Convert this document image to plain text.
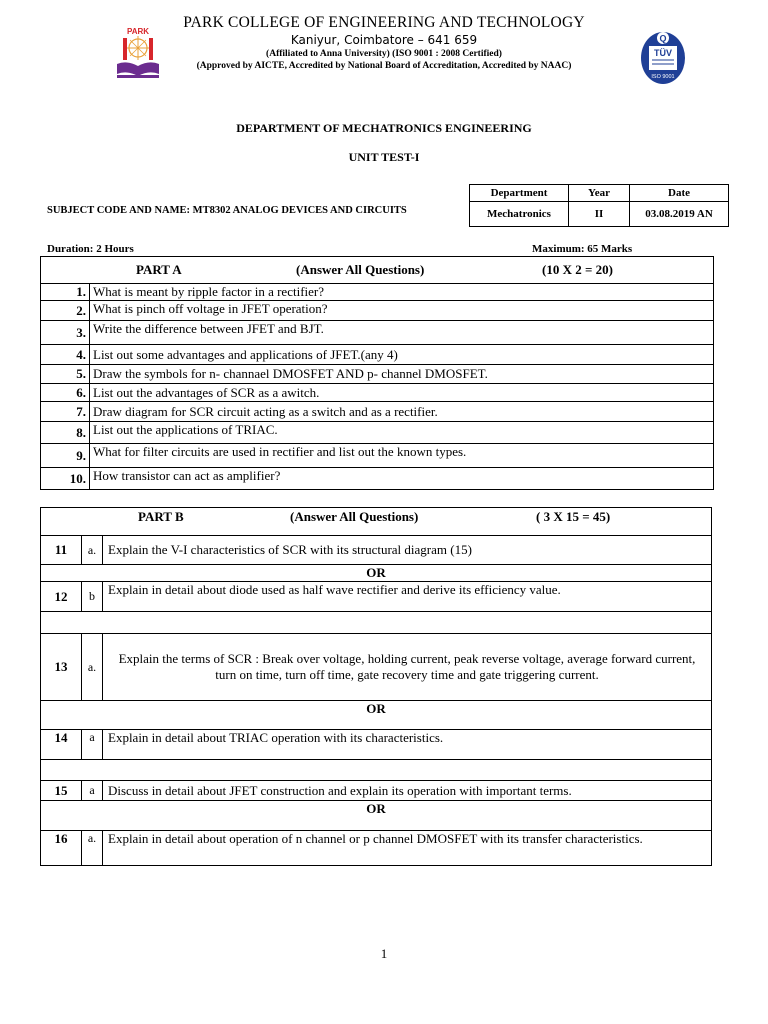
PARK
Q
TÜV
ISO 9001
PARK COLLEGE OF ENGINEERING AND TECHNOLOGY
Kaniyur, Coimbatore – 641 659
(Affiliated to Anna University) (ISO 9001 : 2008 Certified)
(Approved by AICTE, Accredited by National Board of Accreditation, Accredited by NAAC)
DEPARTMENT OF MECHATRONICS ENGINEERING
UNIT TEST-I
SUBJECT CODE AND NAME: MT8302 ANALOG DEVICES AND CIRCUITS
Department	Year	Date
Mechatronics	II	03.08.2019 AN
Duration: 2 Hours	Maximum: 65 Marks
PART A (Answer All Questions) (10 X 2 = 20)	
1.	What is meant by ripple factor in a rectifier?
2.	What is pinch off voltage in JFET operation?
3.	Write the difference between JFET and BJT.
4.	List out some advantages and applications of JFET.(any 4)
5.	Draw the symbols for n- channael DMOSFET AND p- channel DMOSFET.
6.	List out the advantages of SCR as a awitch.
7.	Draw diagram for SCR circuit acting as a switch and as a rectifier.
8.	List out the applications of TRIAC.
9.	What for filter circuits are used in rectifier and list out the known types.
10.	How transistor can act as amplifier?
PART B (Answer All Questions) ( 3 X 15 = 45)		
11	a.	Explain the V-I characteristics of SCR with its structural diagram (15)
OR		
12	b	Explain in detail about diode used as half wave rectifier and derive its efficiency value.

13	a.	Explain the terms of SCR : Break over voltage, holding current, peak reverse voltage, average forward current, turn on time, turn off time, gate recovery time and gate triggering current.
OR		
14	a	Explain in detail about TRIAC operation with its characteristics.

15	a	Discuss in detail about JFET construction and explain its operation with important terms.
OR		
16	a.	Explain in detail about operation of n channel or p channel DMOSFET with its transfer characteristics.
1
